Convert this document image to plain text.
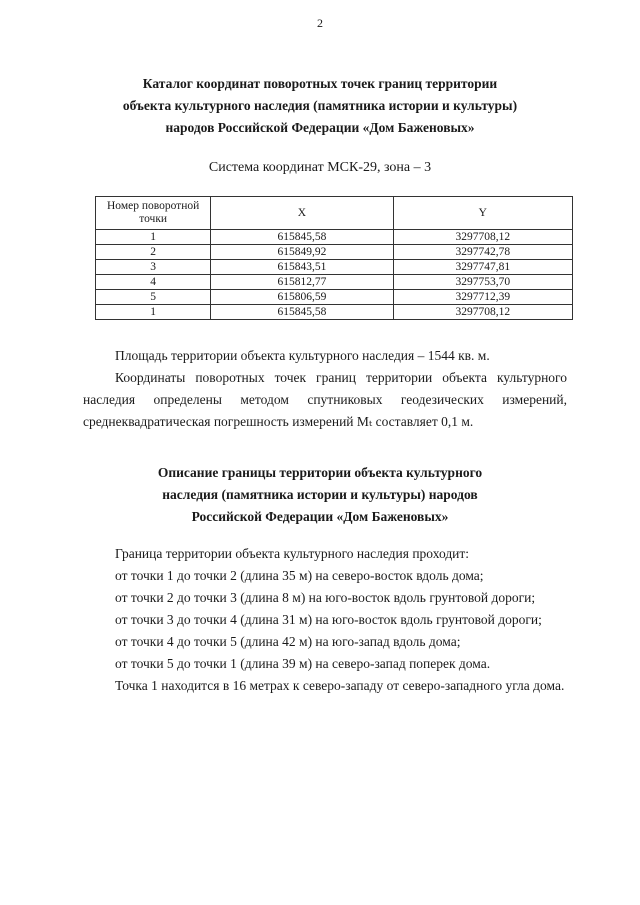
2
Каталог координат поворотных точек границ территории
объекта культурного наследия (памятника истории и культуры)
народов Российской Федерации «Дом Баженовых»
Система координат МСК-29, зона – 3
Номер поворотной точки	X	Y
1	615845,58	3297708,12
2	615849,92	3297742,78
3	615843,51	3297747,81
4	615812,77	3297753,70
5	615806,59	3297712,39
1	615845,58	3297708,12

Площадь территории объекта культурного наследия – 1544 кв. м.

Координаты поворотных точек границ территории объекта культурного наследия определены методом спутниковых геодезических измерений, среднеквадратическая погрешность измерений Мₜ составляет 0,1 м.

Описание границы территории объекта культурного
наследия (памятника истории и культуры) народов
Российской Федерации «Дом Баженовых»

Граница территории объекта культурного наследия проходит:

от точки 1 до точки 2 (длина 35 м) на северо-восток вдоль дома;

от точки 2 до точки 3 (длина 8 м) на юго-восток вдоль грунтовой дороги;

от точки 3 до точки 4 (длина 31 м) на юго-восток вдоль грунтовой дороги;

от точки 4 до точки 5 (длина 42 м) на юго-запад вдоль дома;

от точки 5 до точки 1 (длина 39 м) на северо-запад поперек дома.

Точка 1 находится в 16 метрах к северо-западу от северо-западного угла дома.
